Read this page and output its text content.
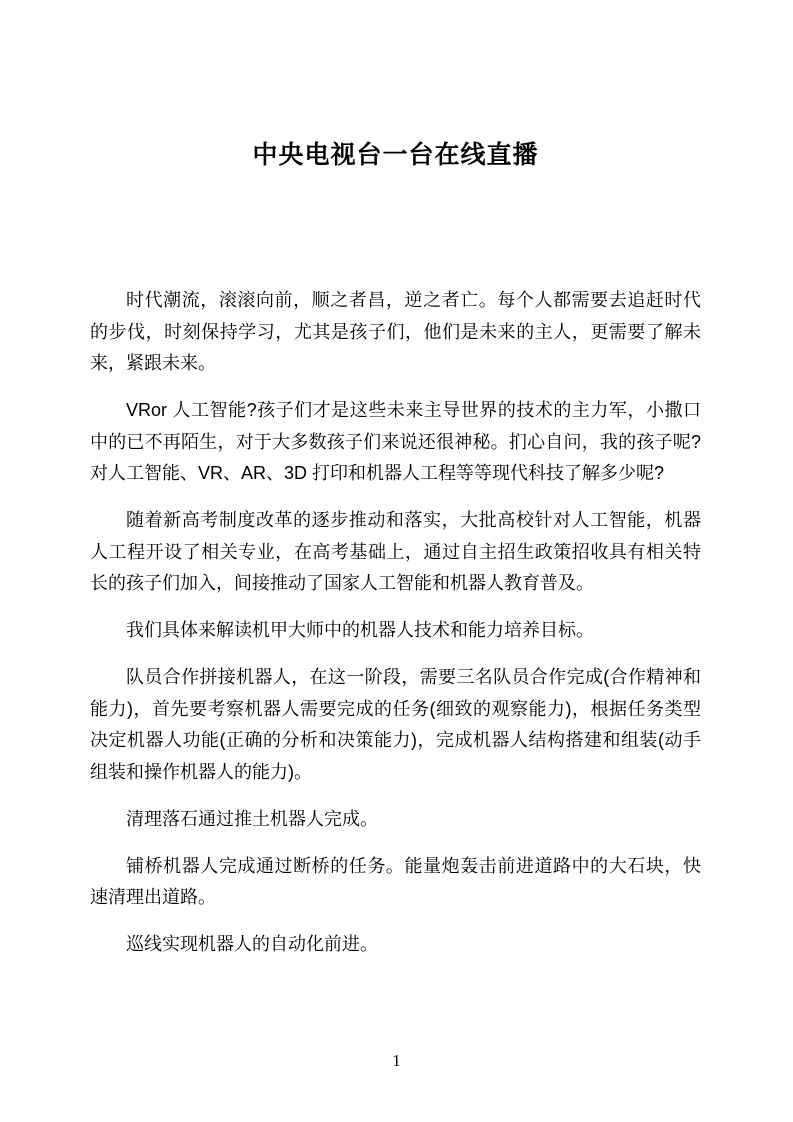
中央电视台一台在线直播

时代潮流，滚滚向前，顺之者昌，逆之者亡。每个人都需要去追赶时代的步伐，时刻保持学习，尤其是孩子们，他们是未来的主人，更需要了解未来，紧跟未来。

VRor 人工智能?孩子们才是这些未来主导世界的技术的主力军，小撒口中的已不再陌生，对于大多数孩子们来说还很神秘。扪心自问，我的孩子呢?对人工智能、VR、AR、3D 打印和机器人工程等等现代科技了解多少呢?

随着新高考制度改革的逐步推动和落实，大批高校针对人工智能，机器人工程开设了相关专业，在高考基础上，通过自主招生政策招收具有相关特长的孩子们加入，间接推动了国家人工智能和机器人教育普及。

我们具体来解读机甲大师中的机器人技术和能力培养目标。

队员合作拼接机器人，在这一阶段，需要三名队员合作完成(合作精神和能力)，首先要考察机器人需要完成的任务(细致的观察能力)，根据任务类型决定机器人功能(正确的分析和决策能力)，完成机器人结构搭建和组装(动手组装和操作机器人的能力)。

清理落石通过推土机器人完成。

铺桥机器人完成通过断桥的任务。能量炮轰击前进道路中的大石块，快速清理出道路。

巡线实现机器人的自动化前进。

1
